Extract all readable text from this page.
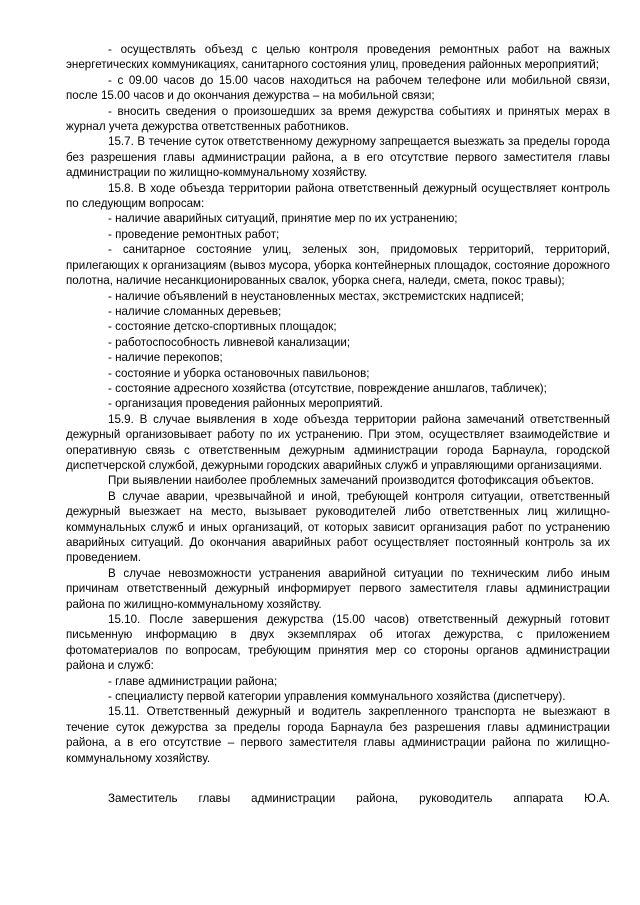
- осуществлять объезд с целью контроля проведения ремонтных работ на важных энергетических коммуникациях, санитарного состояния улиц, проведения районных мероприятий;

- с 09.00 часов до 15.00 часов находиться на рабочем телефоне или мобильной связи, после 15.00 часов и до окончания дежурства – на мобильной связи;

- вносить сведения о произошедших за время дежурства событиях и принятых мерах в журнал учета дежурства ответственных работников.

15.7. В течение суток ответственному дежурному запрещается выезжать за пределы города без разрешения главы администрации района, а в его отсутствие первого заместителя главы администрации по жилищно-коммунальному хозяйству.

15.8. В ходе объезда территории района ответственный дежурный осуществляет контроль по следующим вопросам:

- наличие аварийных ситуаций, принятие мер по их устранению;

- проведение ремонтных работ;

- санитарное состояние улиц, зеленых зон, придомовых территорий, территорий, прилегающих к организациям (вывоз мусора, уборка контейнерных площадок, состояние дорожного полотна, наличие несанкционированных свалок, уборка снега, наледи, смета, покос травы);

- наличие объявлений в неустановленных местах, экстремистских надписей;

- наличие сломанных деревьев;

- состояние детско-спортивных площадок;

- работоспособность ливневой канализации;

- наличие перекопов;

- состояние и уборка остановочных павильонов;

- состояние адресного хозяйства (отсутствие, повреждение аншлагов, табличек);

- организация проведения районных мероприятий.

15.9. В случае выявления в ходе объезда территории района замечаний ответственный дежурный организовывает работу по их устранению. При этом, осуществляет взаимодействие и оперативную связь с ответственным дежурным администрации города Барнаула, городской диспетчерской службой, дежурными городских аварийных служб и управляющими организациями.

При выявлении наиболее проблемных замечаний производится фотофиксация объектов.

В случае аварии, чрезвычайной и иной, требующей контроля ситуации, ответственный дежурный выезжает на место, вызывает руководителей либо ответственных лиц жилищно-коммунальных служб и иных организаций, от которых зависит организация работ по устранению аварийных ситуаций. До окончания аварийных работ осуществляет постоянный контроль за их проведением.

В случае невозможности устранения аварийной ситуации по техническим либо иным причинам ответственный дежурный информирует первого заместителя главы администрации района по жилищно-коммунальному хозяйству.

15.10. После завершения дежурства (15.00 часов) ответственный дежурный готовит письменную информацию в двух экземплярах об итогах дежурства, с приложением фотоматериалов по вопросам, требующим принятия мер со стороны органов администрации района и служб:

- главе администрации района;

- специалисту первой категории управления коммунального хозяйства (диспетчеру).

15.11. Ответственный дежурный и водитель закрепленного транспорта не выезжают в течение суток дежурства за пределы города Барнаула без разрешения главы администрации района, а в его отсутствие – первого заместителя главы администрации района по жилищно-коммунальному хозяйству.

Заместитель главы администрации района, руководитель аппарата Ю.А.
